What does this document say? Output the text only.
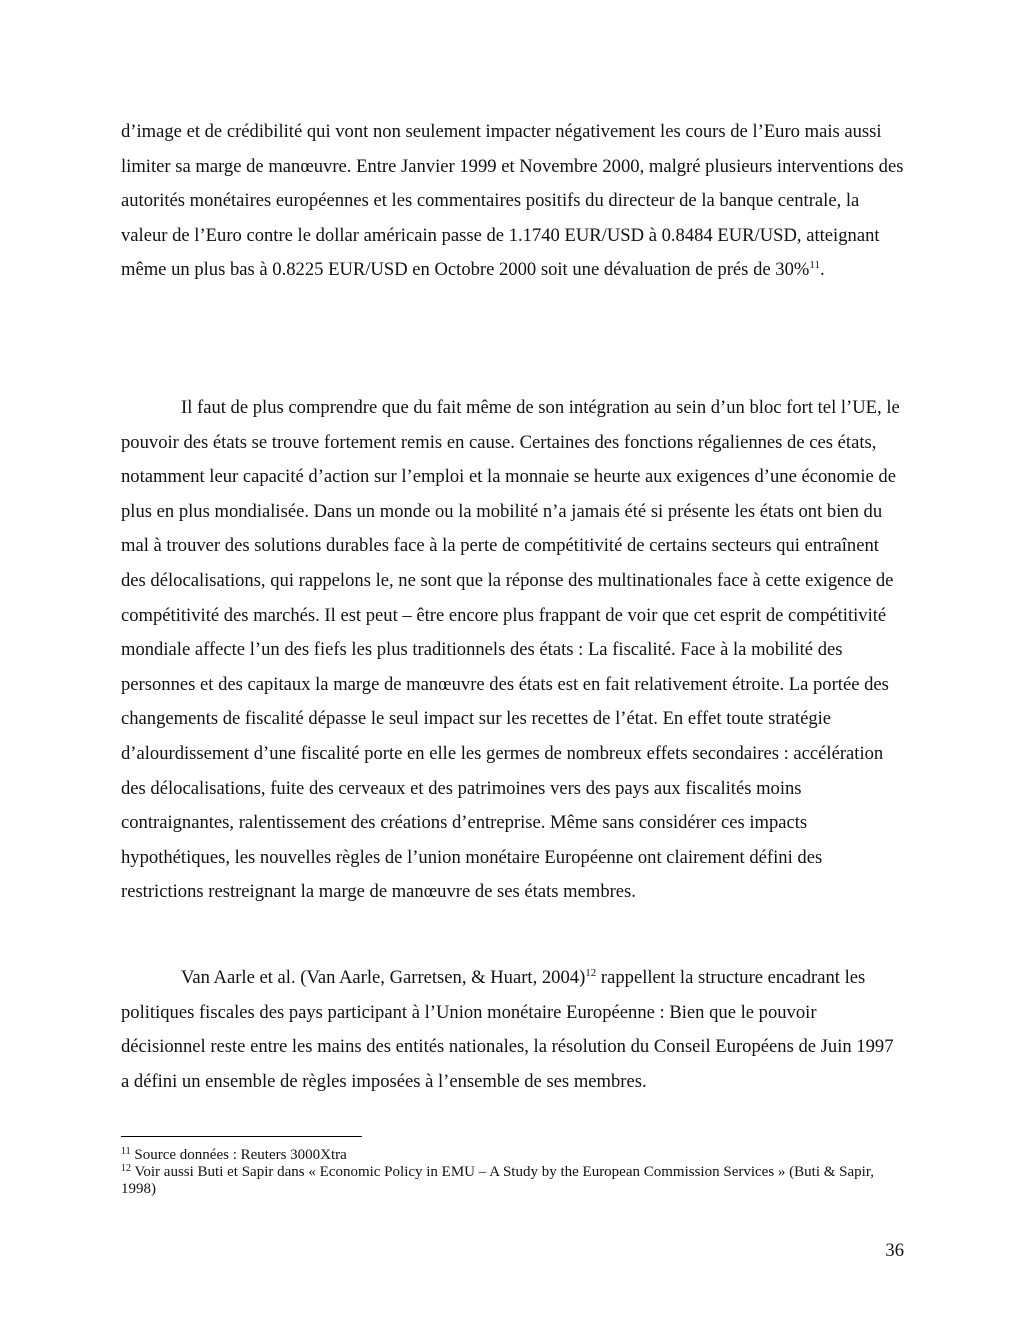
d’image et de crédibilité qui vont non seulement impacter négativement les cours de l’Euro mais aussi limiter sa marge de manœuvre. Entre Janvier 1999 et Novembre 2000, malgré plusieurs interventions des autorités monétaires européennes et les commentaires positifs du directeur de la banque centrale, la valeur de l’Euro contre le dollar américain passe de 1.1740 EUR/USD à 0.8484 EUR/USD, atteignant même un plus bas à 0.8225 EUR/USD en Octobre 2000 soit une dévaluation de prés de 30%$^{11}$.

Il faut de plus comprendre que du fait même de son intégration au sein d’un bloc fort tel l’UE, le pouvoir des états se trouve fortement remis en cause. Certaines des fonctions régaliennes de ces états, notamment leur capacité d’action sur l’emploi et la monnaie se heurte aux exigences d’une économie de plus en plus mondialisée. Dans un monde ou la mobilité n’a jamais été si présente les états ont bien du mal à trouver des solutions durables face à la perte de compétitivité de certains secteurs qui entraînent des délocalisations, qui rappelons le, ne sont que la réponse des multinationales face à cette exigence de compétitivité des marchés. Il est peut – être encore plus frappant de voir que cet esprit de compétitivité mondiale affecte l’un des fiefs les plus traditionnels des états : La fiscalité. Face à la mobilité des personnes et des capitaux la marge de manœuvre des états est en fait relativement étroite. La portée des changements de fiscalité dépasse le seul impact sur les recettes de l’état. En effet toute stratégie d’alourdissement d’une fiscalité porte en elle les germes de nombreux effets secondaires : accélération des délocalisations, fuite des cerveaux et des patrimoines vers des pays aux fiscalités moins contraignantes, ralentissement des créations d’entreprise. Même sans considérer ces impacts hypothétiques, les nouvelles règles de l’union monétaire Européenne ont clairement défini des restrictions restreignant la marge de manœuvre de ses états membres.

Van Aarle et al. (Van Aarle, Garretsen, & Huart, 2004)$^{12}$ rappellent la structure encadrant les politiques fiscales des pays participant à l’Union monétaire Européenne : Bien que le pouvoir décisionnel reste entre les mains des entités nationales, la résolution du Conseil Européens de Juin 1997 a défini un ensemble de règles imposées à l’ensemble de ses membres.

$^{11}$ Source données : Reuters 3000Xtra
$^{12}$ Voir aussi Buti et Sapir dans « Economic Policy in EMU – A Study by the European Commission Services » (Buti & Sapir, 1998)
36
